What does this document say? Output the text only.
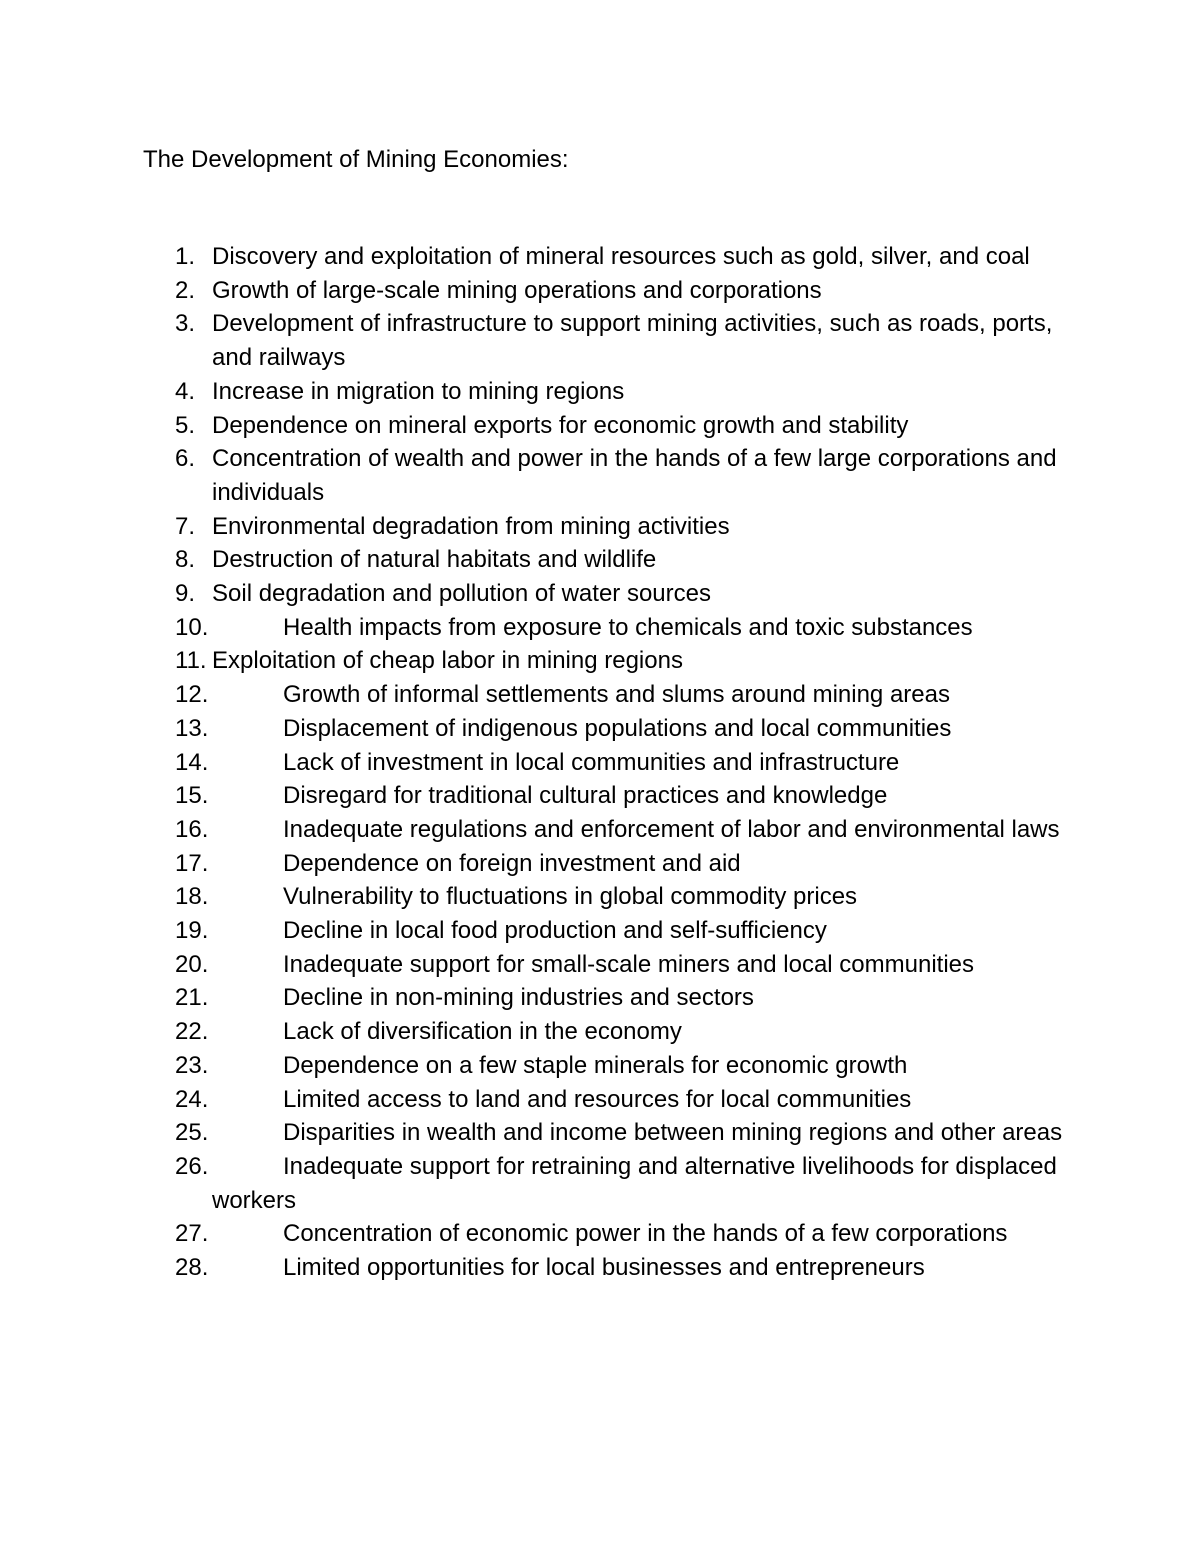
The Development of Mining Economies:
1. Discovery and exploitation of mineral resources such as gold, silver, and coal
2. Growth of large-scale mining operations and corporations
3. Development of infrastructure to support mining activities, such as roads, ports, and railways
4. Increase in migration to mining regions
5. Dependence on mineral exports for economic growth and stability
6. Concentration of wealth and power in the hands of a few large corporations and individuals
7. Environmental degradation from mining activities
8. Destruction of natural habitats and wildlife
9. Soil degradation and pollution of water sources
10.	Health impacts from exposure to chemicals and toxic substances
11. Exploitation of cheap labor in mining regions
12.	Growth of informal settlements and slums around mining areas
13.	Displacement of indigenous populations and local communities
14.	Lack of investment in local communities and infrastructure
15.	Disregard for traditional cultural practices and knowledge
16.	Inadequate regulations and enforcement of labor and environmental laws
17.	Dependence on foreign investment and aid
18.	Vulnerability to fluctuations in global commodity prices
19.	Decline in local food production and self-sufficiency
20.	Inadequate support for small-scale miners and local communities
21.	Decline in non-mining industries and sectors
22.	Lack of diversification in the economy
23.	Dependence on a few staple minerals for economic growth
24.	Limited access to land and resources for local communities
25.	Disparities in wealth and income between mining regions and other areas
26.	Inadequate support for retraining and alternative livelihoods for displaced workers
27.	Concentration of economic power in the hands of a few corporations
28.	Limited opportunities for local businesses and entrepreneurs
